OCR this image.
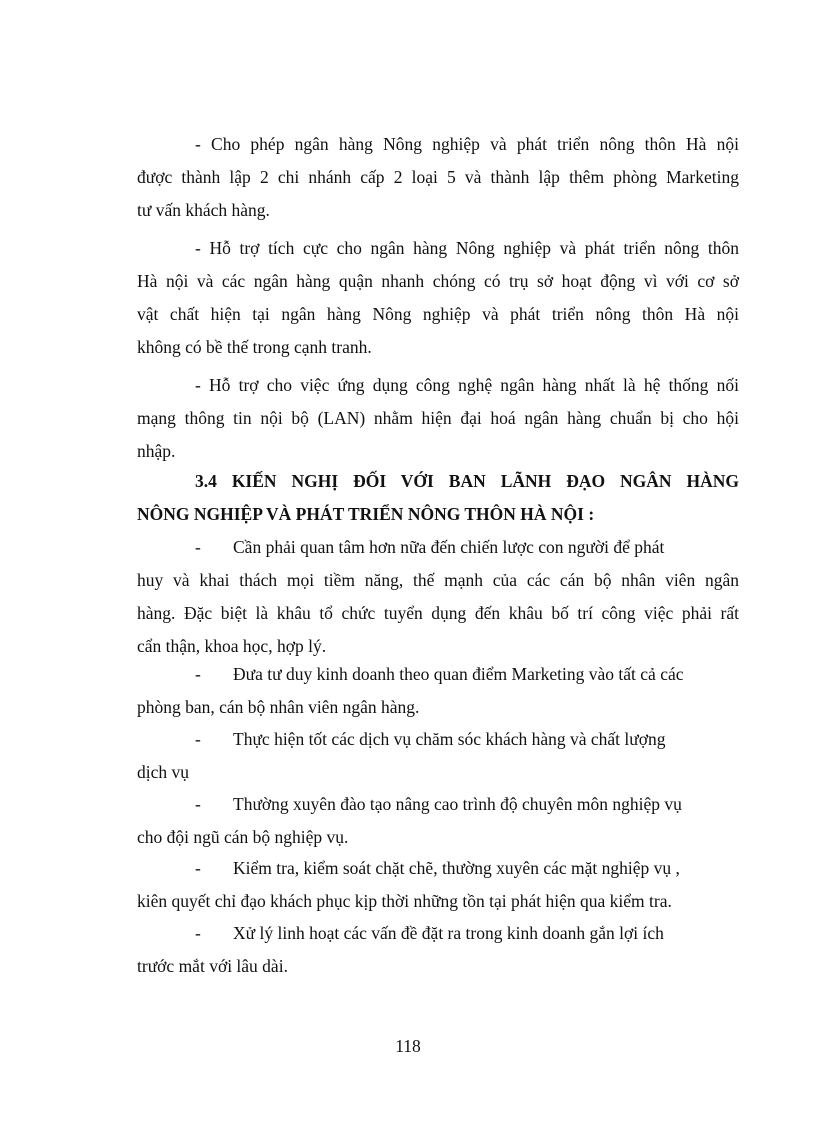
- Cho phép ngân hàng Nông nghiệp và phát triển nông thôn Hà nội
được thành lập 2 chi nhánh cấp 2 loại 5 và thành lập thêm phòng Marketing
tư vấn khách hàng.

- Hỗ trợ tích cực cho ngân hàng Nông nghiệp và phát triển nông thôn
Hà nội và các ngân hàng quận nhanh chóng có trụ sở hoạt động vì với cơ sở
vật chất hiện tại ngân hàng Nông nghiệp và phát triển nông thôn Hà nội
không có bề thế trong cạnh tranh.

- Hỗ trợ cho việc ứng dụng công nghệ ngân hàng nhất là hệ thống nối
mạng thông tin nội bộ (LAN) nhằm hiện đại hoá ngân hàng chuẩn bị cho hội
nhập.

3.4 KIẾN NGHỊ ĐỐI VỚI BAN LÃNH ĐẠO NGÂN HÀNG
NÔNG NGHIỆP VÀ PHÁT TRIỂN NÔNG THÔN HÀ NỘI :
- Cần phải quan tâm hơn nữa đến chiến lược con người để phát
huy và khai thách mọi tiềm năng, thế mạnh của các cán bộ nhân viên ngân
hàng. Đặc biệt là khâu tổ chức tuyển dụng đến khâu bố trí công việc phải rất
cẩn thận, khoa học, hợp lý.
- Đưa tư duy kinh doanh theo quan điểm Marketing vào tất cả các
phòng ban, cán bộ nhân viên ngân hàng.
- Thực hiện tốt các dịch vụ chăm sóc khách hàng và chất lượng
dịch vụ
- Thường xuyên đào tạo nâng cao trình độ chuyên môn nghiệp vụ
cho đội ngũ cán bộ nghiệp vụ.
- Kiểm tra, kiểm soát chặt chẽ, thường xuyên các mặt nghiệp vụ ,
kiên quyết chỉ đạo khách phục kịp thời những tồn tại phát hiện qua kiểm tra.
- Xử lý linh hoạt các vấn đề đặt ra trong kinh doanh gắn lợi ích
trước mắt với lâu dài.
118
